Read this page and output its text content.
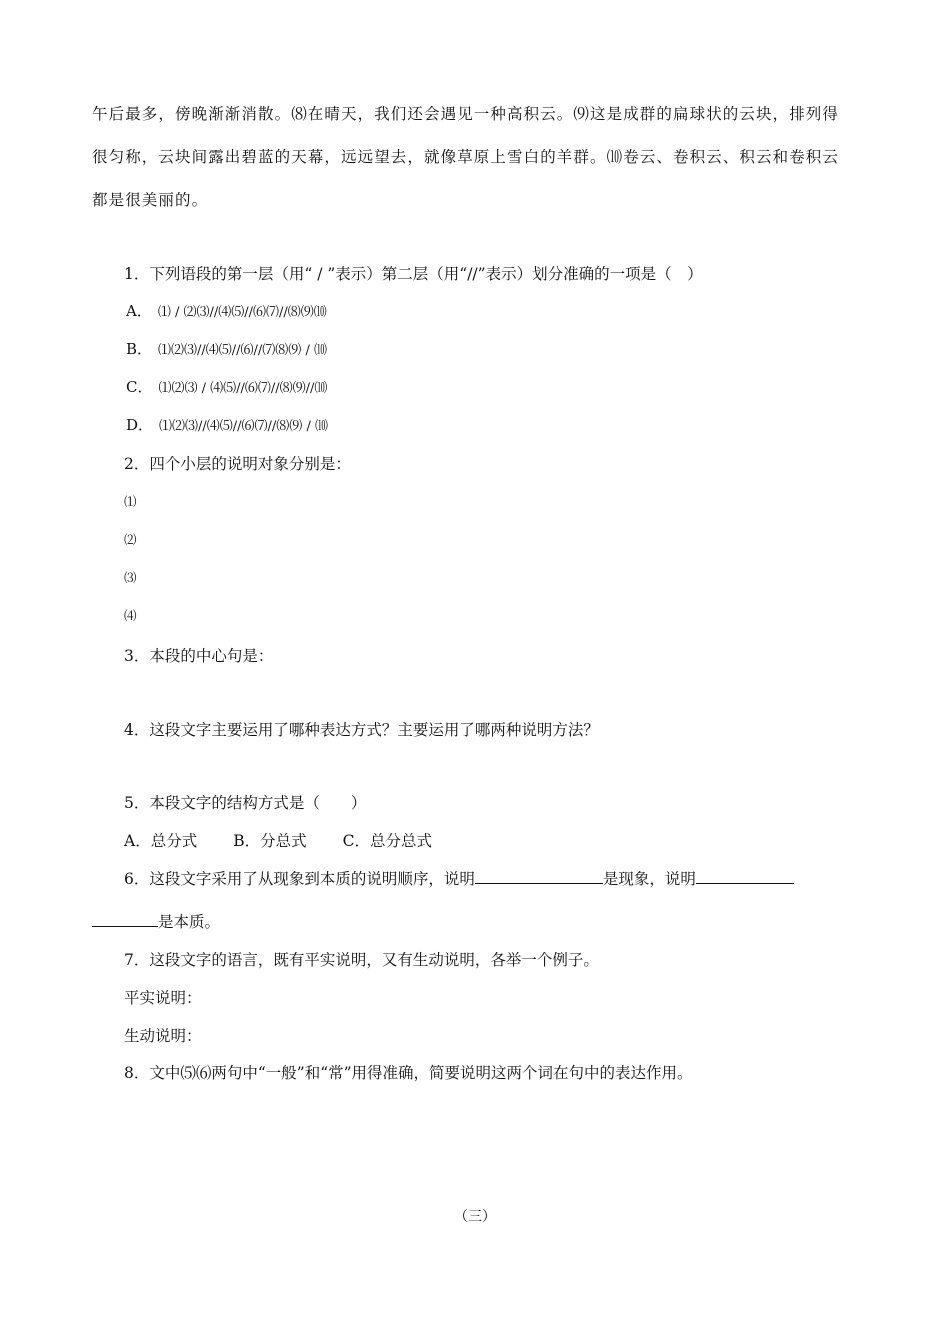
午后最多，傍晚渐渐消散。⑻在晴天，我们还会遇见一种高积云。⑼这是成群的扁球状的云块，排列得
很匀称，云块间露出碧蓝的天幕，远远望去，就像草原上雪白的羊群。⑽卷云、卷积云、积云和卷积云
都是很美丽的。
1．下列语段的第一层（用“ / ”表示）第二层（用“//”表示）划分准确的一项是（　）
A． ⑴ / ⑵⑶//⑷⑸//⑹⑺//⑻⑼⑽
B． ⑴⑵⑶//⑷⑸//⑹//⑺⑻⑼ / ⑽
C． ⑴⑵⑶ / ⑷⑸//⑹⑺//⑻⑼//⑽
D． ⑴⑵⑶//⑷⑸//⑹⑺//⑻⑼ / ⑽
2．四个小层的说明对象分别是：
⑴
⑵
⑶
⑷
3．本段的中心句是：
4．这段文字主要运用了哪种表达方式？主要运用了哪两种说明方法？
5．本段文字的结构方式是（　　）
A．总分式 B．分总式 C．总分总式
6．这段文字采用了从现象到本质的说明顺序，说明	是现象，说明
是本质。
7．这段文字的语言，既有平实说明，又有生动说明，各举一个例子。
平实说明：
生动说明：
8．文中⑸⑹两句中“一般”和“常”用得准确，简要说明这两个词在句中的表达作用。
（三）
